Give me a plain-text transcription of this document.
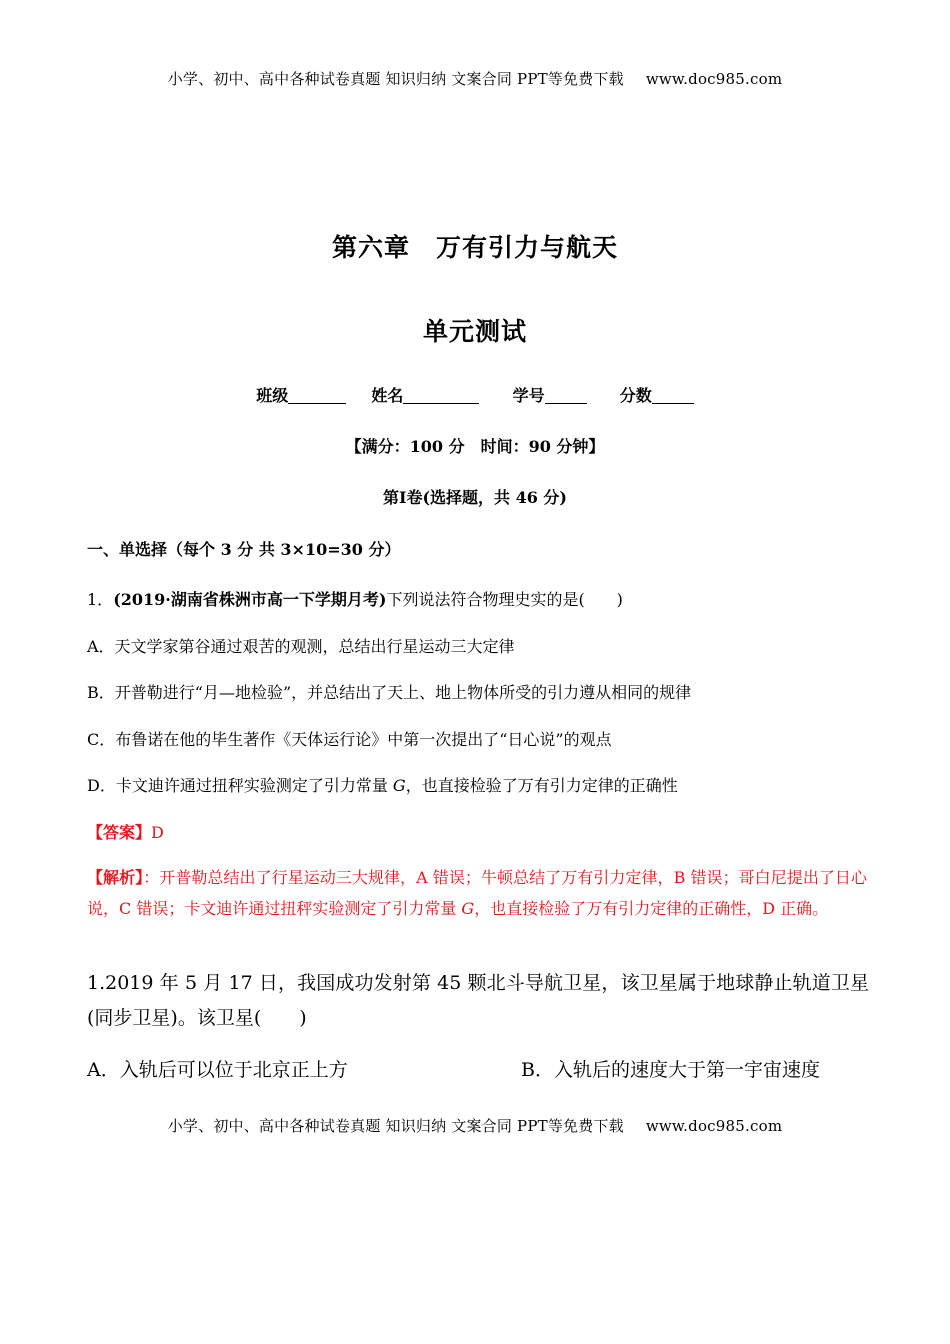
小学、初中、高中各种试卷真题 知识归纳 文案合同 PPT等免费下载 www.doc985.com
第六章　万有引力与航天
单元测试
班级	姓名	学号	分数
【满分：100 分　时间：90 分钟】
第Ⅰ卷(选择题，共 46 分)
一、单选择（每个 3 分 共 3×10=30 分）
1．(2019·湖南省株洲市高一下学期月考)下列说法符合物理史实的是(　　)
A．天文学家第谷通过艰苦的观测，总结出行星运动三大定律
B．开普勒进行“月—地检验”，并总结出了天上、地上物体所受的引力遵从相同的规律
C．布鲁诺在他的毕生著作《天体运行论》中第一次提出了“日心说”的观点
D．卡文迪许通过扭秤实验测定了引力常量 G，也直接检验了万有引力定律的正确性
【答案】D
【解析】：开普勒总结出了行星运动三大规律，A 错误；牛顿总结了万有引力定律，B 错误；哥白尼提出了日心说，C 错误；卡文迪许通过扭秤实验测定了引力常量 G，也直接检验了万有引力定律的正确性，D 正确。
1.2019 年 5 月 17 日，我国成功发射第 45 颗北斗导航卫星，该卫星属于地球静止轨道卫星(同步卫星)。该卫星(　　)
A．入轨后可以位于北京正上方	B．入轨后的速度大于第一宇宙速度
小学、初中、高中各种试卷真题 知识归纳 文案合同 PPT等免费下载 www.doc985.com
